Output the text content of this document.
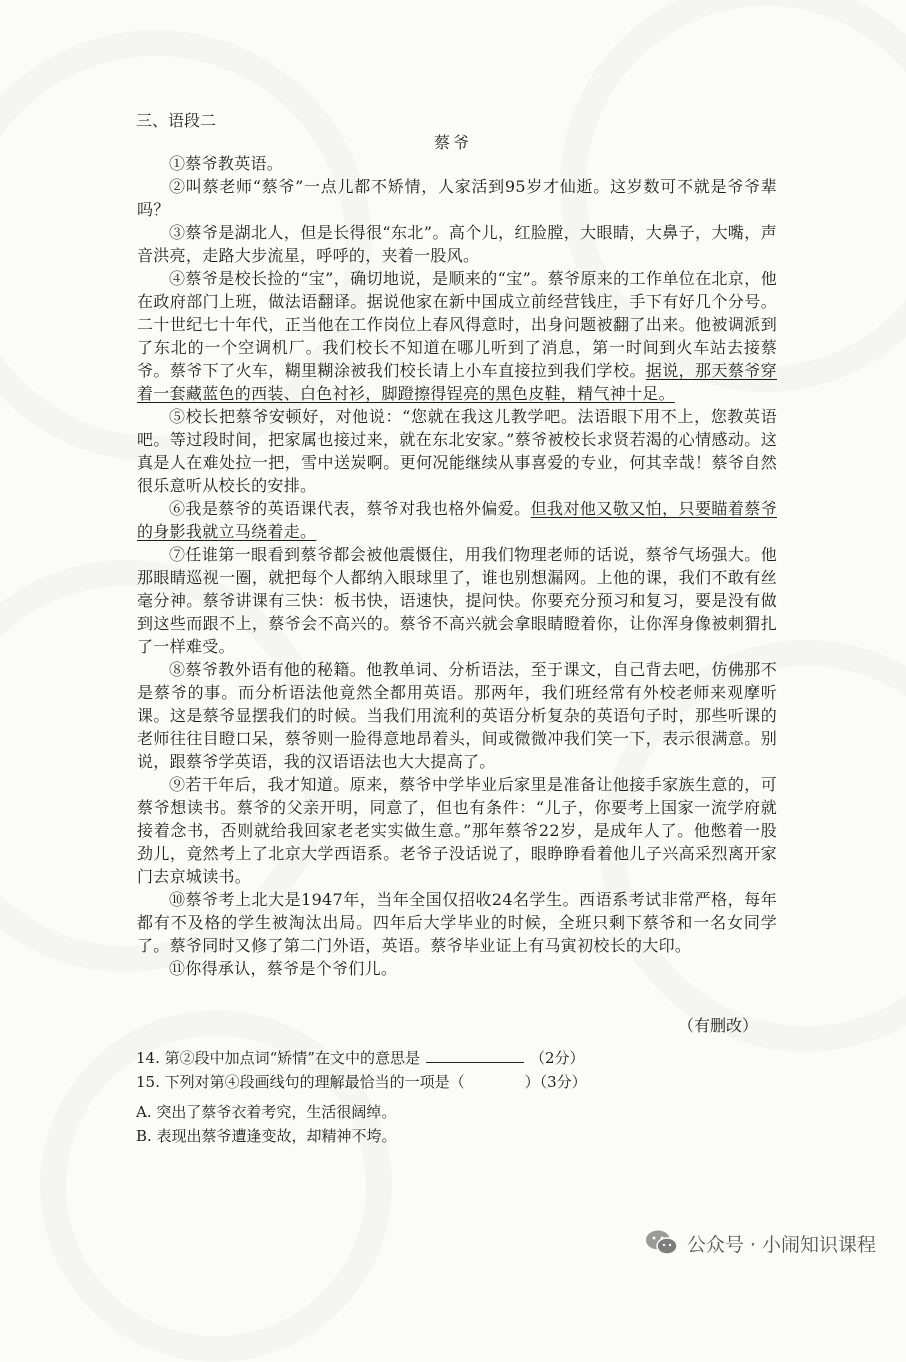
三、语段二
蔡爷

①蔡爷教英语。

②叫蔡老师“蔡爷”一点儿都不矫情，人家活到95岁才仙逝。这岁数可不就是爷爷辈吗？

③蔡爷是湖北人，但是长得很“东北”。高个儿，红脸膛，大眼睛，大鼻子，大嘴，声音洪亮，走路大步流星，呼呼的，夹着一股风。

④蔡爷是校长捡的“宝”，确切地说，是顺来的“宝”。蔡爷原来的工作单位在北京，他在政府部门上班，做法语翻译。据说他家在新中国成立前经营钱庄，手下有好几个分号。二十世纪七十年代，正当他在工作岗位上春风得意时，出身问题被翻了出来。他被调派到了东北的一个空调机厂。我们校长不知道在哪儿听到了消息，第一时间到火车站去接蔡爷。蔡爷下了火车，糊里糊涂被我们校长请上小车直接拉到我们学校。据说，那天蔡爷穿着一套藏蓝色的西装、白色衬衫，脚蹬擦得锃亮的黑色皮鞋，精气神十足。

⑤校长把蔡爷安顿好，对他说：“您就在我这儿教学吧。法语眼下用不上，您教英语吧。等过段时间，把家属也接过来，就在东北安家。”蔡爷被校长求贤若渴的心情感动。这真是人在难处拉一把，雪中送炭啊。更何况能继续从事喜爱的专业，何其幸哉！蔡爷自然很乐意听从校长的安排。

⑥我是蔡爷的英语课代表，蔡爷对我也格外偏爱。但我对他又敬又怕，只要瞄着蔡爷的身影我就立马绕着走。

⑦任谁第一眼看到蔡爷都会被他震慑住，用我们物理老师的话说，蔡爷气场强大。他那眼睛巡视一圈，就把每个人都纳入眼球里了，谁也别想漏网。上他的课，我们不敢有丝毫分神。蔡爷讲课有三快：板书快，语速快，提问快。你要充分预习和复习，要是没有做到这些而跟不上，蔡爷会不高兴的。蔡爷不高兴就会拿眼睛瞪着你，让你浑身像被刺猬扎了一样难受。

⑧蔡爷教外语有他的秘籍。他教单词、分析语法，至于课文，自己背去吧，仿佛那不是蔡爷的事。而分析语法他竟然全都用英语。那两年，我们班经常有外校老师来观摩听课。这是蔡爷显摆我们的时候。当我们用流利的英语分析复杂的英语句子时，那些听课的老师往往目瞪口呆，蔡爷则一脸得意地昂着头，间或微微冲我们笑一下，表示很满意。别说，跟蔡爷学英语，我的汉语语法也大大提高了。

⑨若干年后，我才知道。原来，蔡爷中学毕业后家里是准备让他接手家族生意的，可蔡爷想读书。蔡爷的父亲开明，同意了，但也有条件：“儿子，你要考上国家一流学府就接着念书，否则就给我回家老老实实做生意。”那年蔡爷22岁，是成年人了。他憋着一股劲儿，竟然考上了北京大学西语系。老爷子没话说了，眼睁睁看着他儿子兴高采烈离开家门去京城读书。

⑩蔡爷考上北大是1947年，当年全国仅招收24名学生。西语系考试非常严格，每年都有不及格的学生被淘汰出局。四年后大学毕业的时候，全班只剩下蔡爷和一名女同学了。蔡爷同时又修了第二门外语，英语。蔡爷毕业证上有马寅初校长的大印。

⑪你得承认，蔡爷是个爷们儿。

（有删改）
14. 第②段中加点词“矫情”在文中的意思是	（2分）
15. 下列对第④段画线句的理解最恰当的一项是（　　　　）（3分）
A. 突出了蔡爷衣着考究，生活很阔绰。
B. 表现出蔡爷遭逢变故，却精神不垮。
公众号 · 小闹知识课程
